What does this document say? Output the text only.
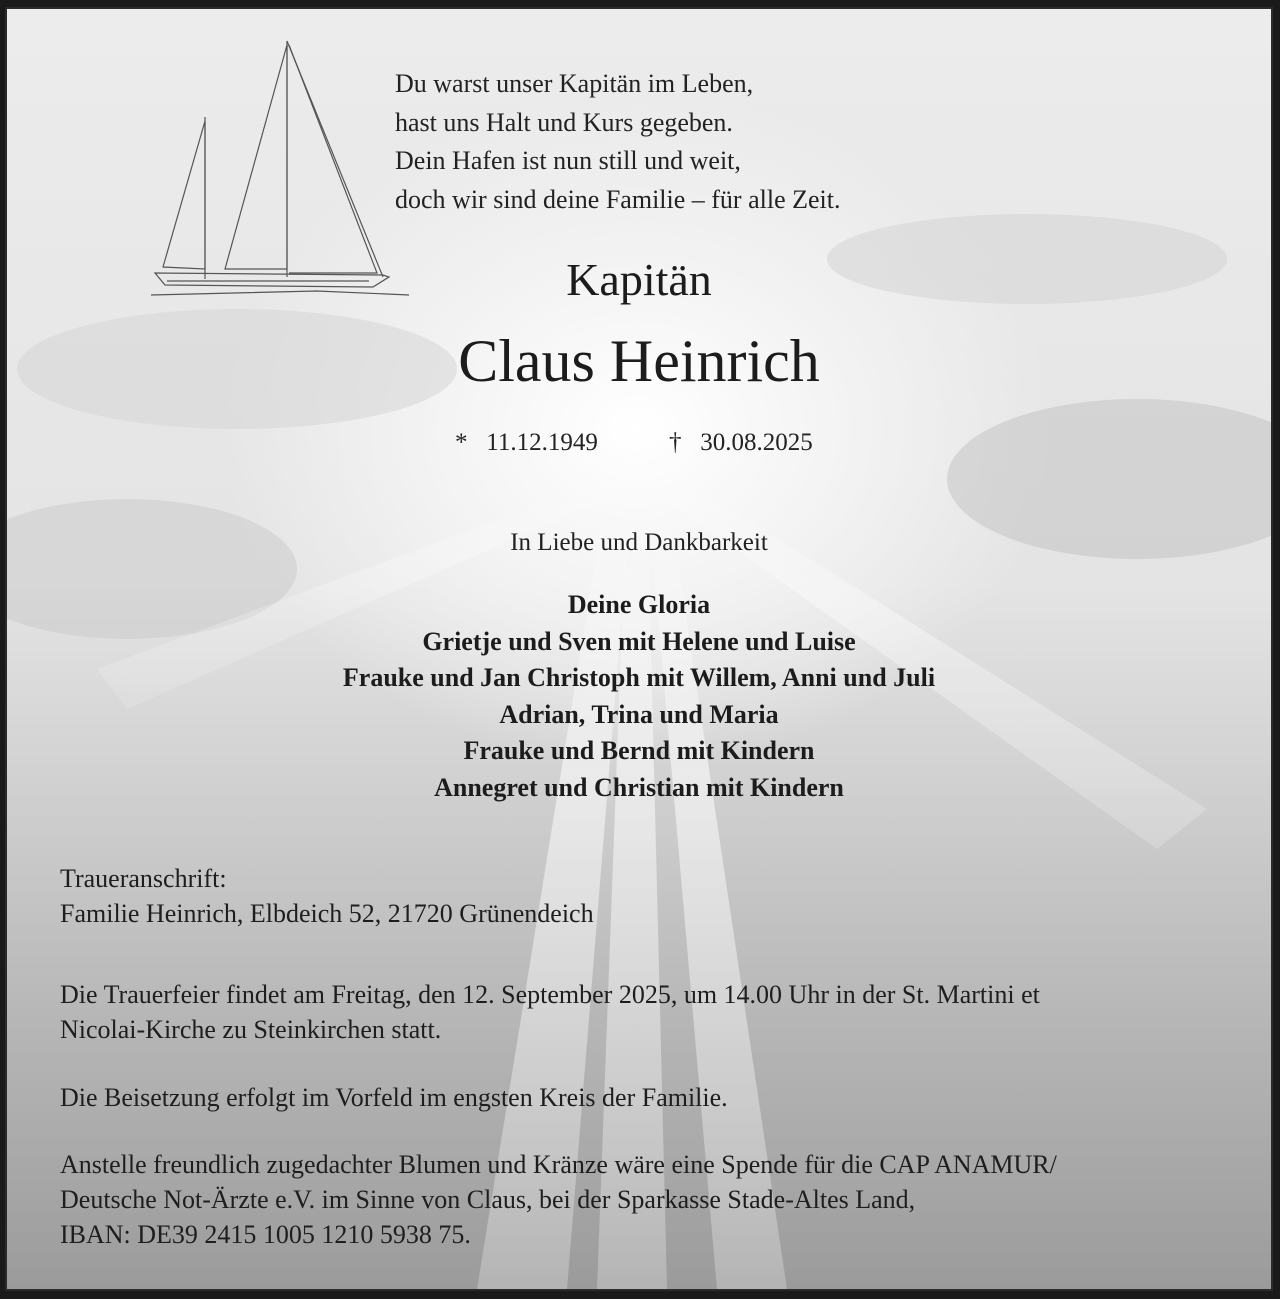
Du warst unser Kapitän im Leben,
hast uns Halt und Kurs gegeben.
Dein Hafen ist nun still und weit,
doch wir sind deine Familie – für alle Zeit.
Kapitän
Claus Heinrich
* 11.12.1949	† 30.08.2025
In Liebe und Dankbarkeit
Deine Gloria
Grietje und Sven mit Helene und Luise
Frauke und Jan Christoph mit Willem, Anni und Juli
Adrian, Trina und Maria
Frauke und Bernd mit Kindern
Annegret und Christian mit Kindern
Traueranschrift:
Familie Heinrich, Elbdeich 52, 21720 Grünendeich
Die Trauerfeier findet am Freitag, den 12. September 2025, um 14.00 Uhr in der St. Martini et
Nicolai-Kirche zu Steinkirchen statt.
Die Beisetzung erfolgt im Vorfeld im engsten Kreis der Familie.
Anstelle freundlich zugedachter Blumen und Kränze wäre eine Spende für die CAP ANAMUR/
Deutsche Not-Ärzte e.V. im Sinne von Claus, bei der Sparkasse Stade-Altes Land,
IBAN: DE39 2415 1005 1210 5938 75.
